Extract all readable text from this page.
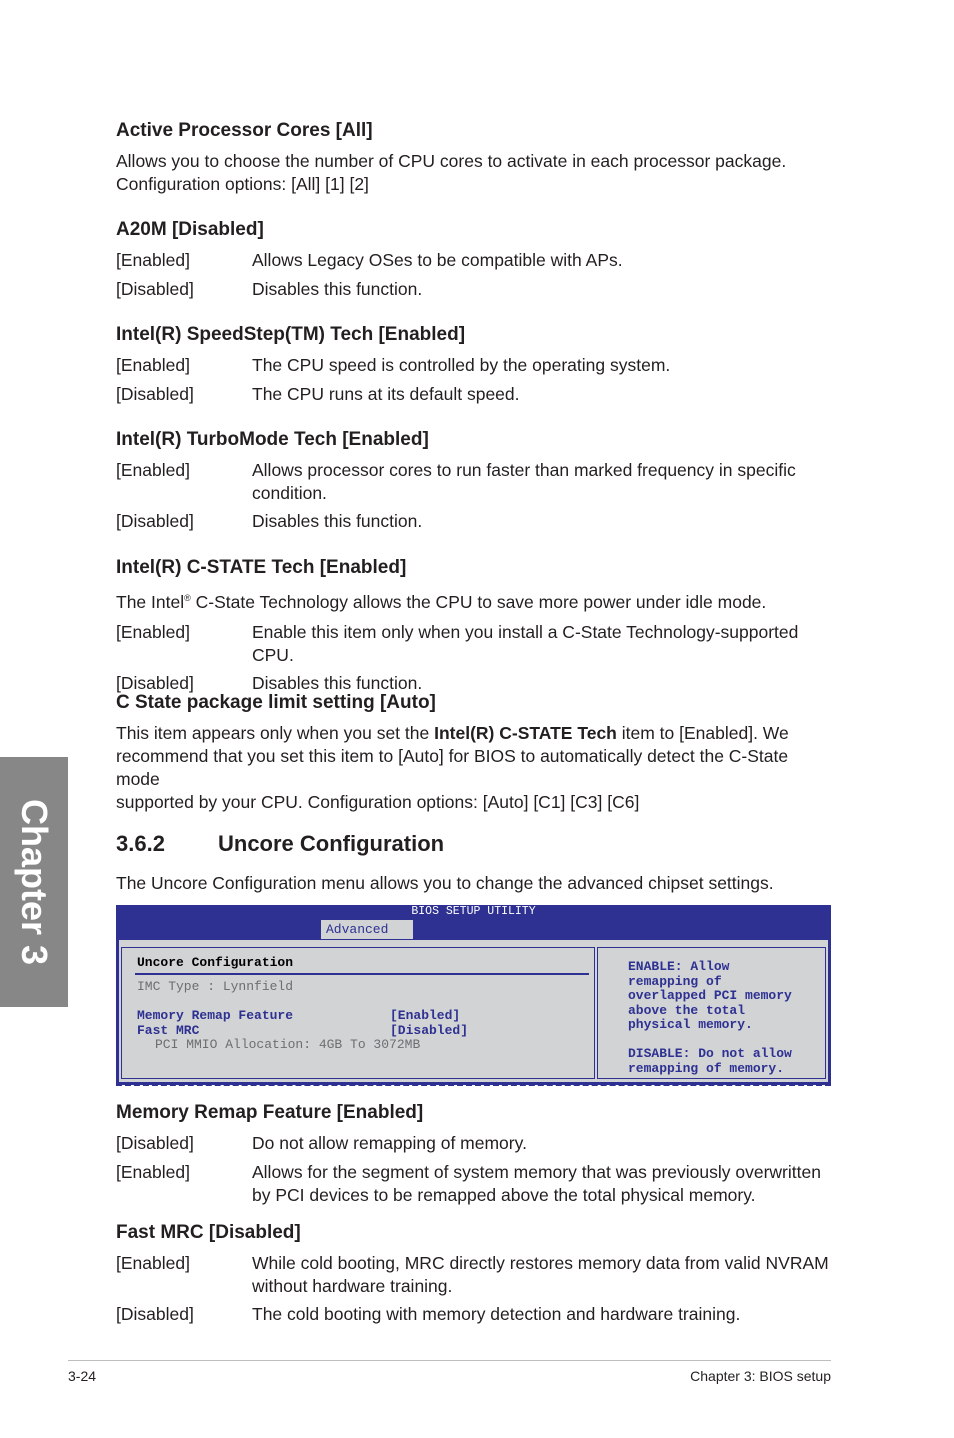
Chapter 3
Active Processor Cores [All]

Allows you to choose the number of CPU cores to activate in each processor package.

Configuration options: [All] [1] [2]

A20M [Disabled]
[Enabled]	Allows Legacy OSes to be compatible with APs.
[Disabled]	Disables this function.
Intel(R) SpeedStep(TM) Tech [Enabled]
[Enabled]	The CPU speed is controlled by the operating system.
[Disabled]	The CPU runs at its default speed.
Intel(R) TurboMode Tech [Enabled]
[Enabled]	Allows processor cores to run faster than marked frequency in specific
condition.
[Disabled]	Disables this function.
Intel(R) C-STATE Tech [Enabled]

The Intel® C-State Technology allows the CPU to save more power under idle mode.

[Enabled]	Enable this item only when you install a C-State Technology-supported CPU.
[Disabled]	Disables this function.
C State package limit setting [Auto]

This item appears only when you set the Intel(R) C-STATE Tech item to [Enabled]. We

recommend that you set this item to [Auto] for BIOS to automatically detect the C-State mode

supported by your CPU. Configuration options: [Auto] [C1] [C3] [C6]

3.6.2 Uncore Configuration

The Uncore Configuration menu allows you to change the advanced chipset settings.

BIOS SETUP UTILITY
Advanced
Uncore Configuration
IMC Type : Lynnfield
Memory Remap Feature	[Enabled]
Fast MRC	[Disabled]
PCI MMIO Allocation: 4GB To 3072MB
ENABLE: Allow
remapping of
overlapped PCI memory
above the total
physical memory.

DISABLE: Do not allow
remapping of memory.
Memory Remap Feature [Enabled]
[Disabled]	Do not allow remapping of memory.
[Enabled]	Allows for the segment of system memory that was previously overwritten
by PCI devices to be remapped above the total physical memory.
Fast MRC [Disabled]
[Enabled]	While cold booting, MRC directly restores memory data from valid NVRAM
without hardware training.
[Disabled]	The cold booting with memory detection and hardware training.
3-24	Chapter 3: BIOS setup
